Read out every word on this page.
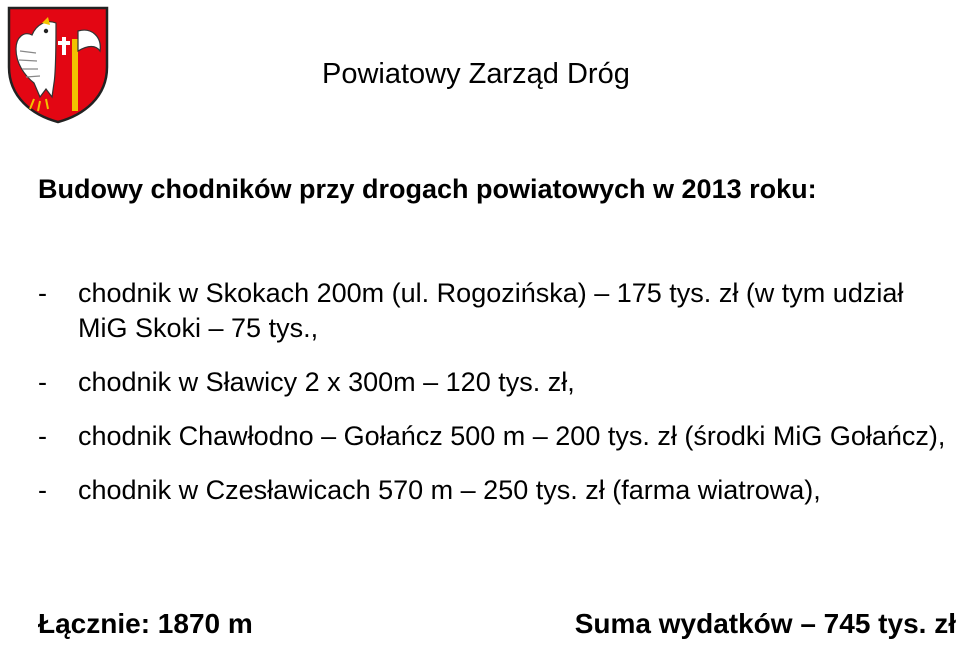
Powiatowy Zarząd Dróg
Budowy chodników przy drogach powiatowych w 2013 roku:
- chodnik w Skokach 200m (ul. Rogozińska) – 175 tys. zł (w tym udział MiG Skoki – 75 tys.,
- chodnik w Sławicy 2 x 300m – 120 tys. zł,
- chodnik Chawłodno – Gołańcz 500 m – 200 tys. zł (środki MiG Gołańcz),
- chodnik w Czesławicach 570 m – 250 tys. zł (farma wiatrowa),
Łącznie: 1870 m	Suma wydatków – 745 tys. zł
